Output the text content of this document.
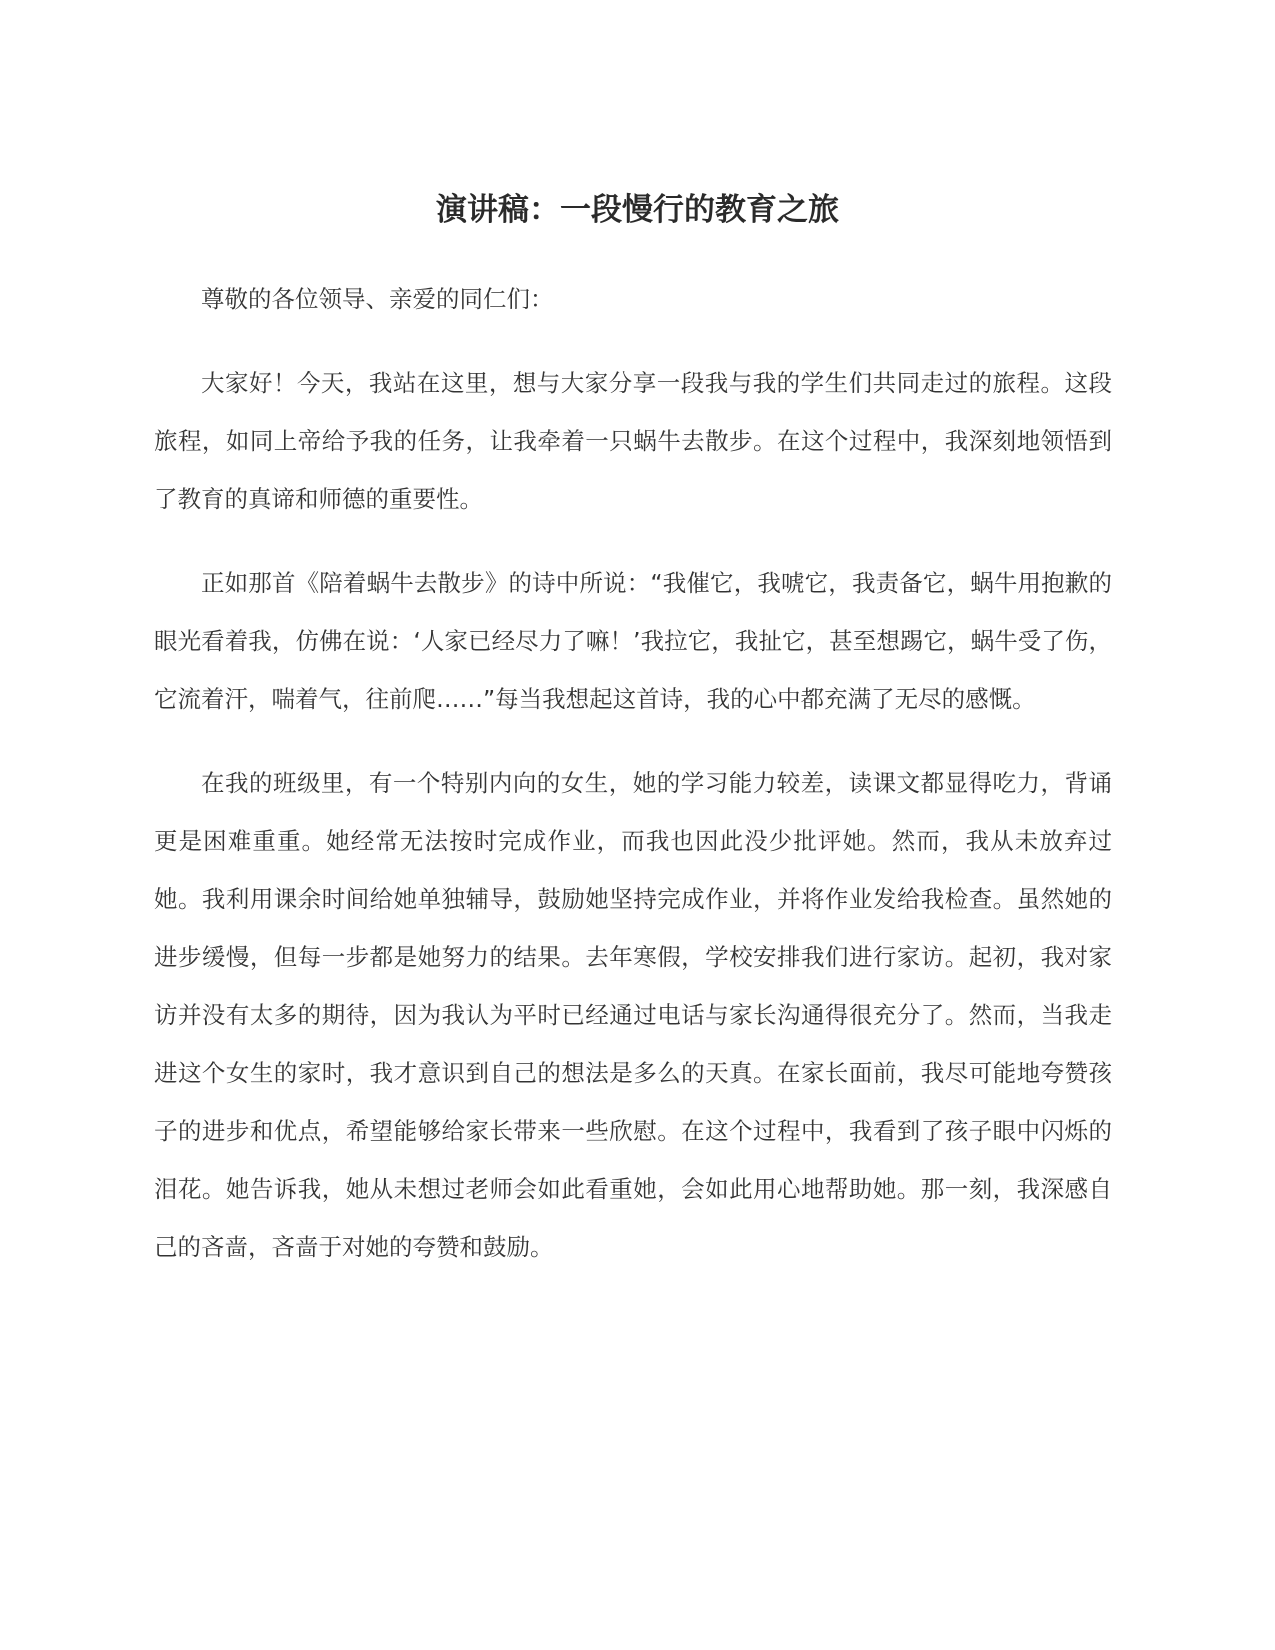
演讲稿：一段慢行的教育之旅

尊敬的各位领导、亲爱的同仁们：

大家好！今天，我站在这里，想与大家分享一段我与我的学生们共同走过的旅程。这段旅程，如同上帝给予我的任务，让我牵着一只蜗牛去散步。在这个过程中，我深刻地领悟到了教育的真谛和师德的重要性。

正如那首《陪着蜗牛去散步》的诗中所说：“我催它，我唬它，我责备它，蜗牛用抱歉的眼光看着我，仿佛在说：‘人家已经尽力了嘛！’我拉它，我扯它，甚至想踢它，蜗牛受了伤，它流着汗，喘着气，往前爬……”每当我想起这首诗，我的心中都充满了无尽的感慨。

在我的班级里，有一个特别内向的女生，她的学习能力较差，读课文都显得吃力，背诵更是困难重重。她经常无法按时完成作业，而我也因此没少批评她。然而，我从未放弃过她。我利用课余时间给她单独辅导，鼓励她坚持完成作业，并将作业发给我检查。虽然她的进步缓慢，但每一步都是她努力的结果。去年寒假，学校安排我们进行家访。起初，我对家访并没有太多的期待，因为我认为平时已经通过电话与家长沟通得很充分了。然而，当我走进这个女生的家时，我才意识到自己的想法是多么的天真。在家长面前，我尽可能地夸赞孩子的进步和优点，希望能够给家长带来一些欣慰。在这个过程中，我看到了孩子眼中闪烁的泪花。她告诉我，她从未想过老师会如此看重她，会如此用心地帮助她。那一刻，我深感自己的吝啬，吝啬于对她的夸赞和鼓励。
